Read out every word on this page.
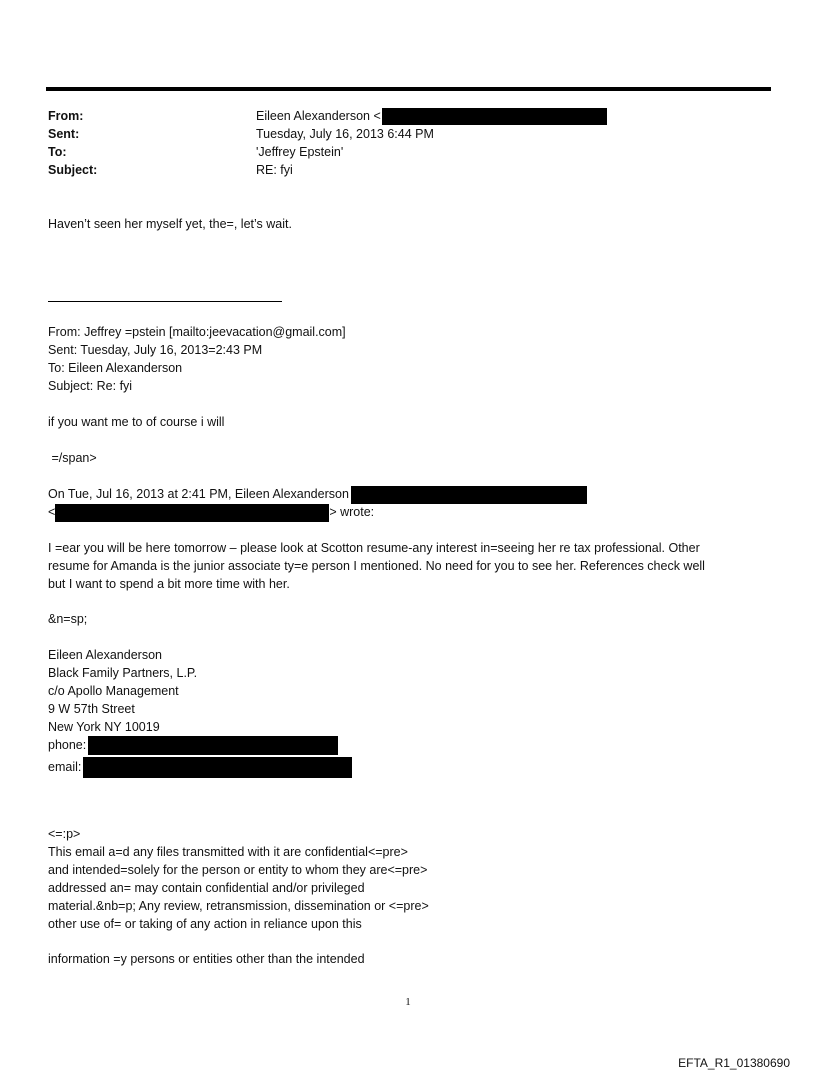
From:	Eileen Alexanderson <
Sent:	Tuesday, July 16, 2013 6:44 PM
To:	'Jeffrey Epstein'
Subject:	RE: fyi
Haven’t seen her myself yet, the=, let’s wait.
From: Jeffrey =pstein [mailto:jeevacation@gmail.com]
Sent: Tuesday, July 16, 2013=2:43 PM
To: Eileen Alexanderson
Subject: Re: fyi
if you want me to of course i will
=/span>
On Tue, Jul 16, 2013 at 2:41 PM, Eileen Alexanderson
<	> wrote:
I =ear you will be here tomorrow – please look at Scotton resume-any interest in=seeing her re tax professional. Other
resume for Amanda is the junior associate ty=e person I mentioned. No need for you to see her. References check well
but I want to spend a bit more time with her.
&n=sp;
Eileen Alexanderson
Black Family Partners, L.P.
c/o Apollo Management
9 W 57th Street
New York NY 10019
phone:
email:
<=:p>
This email a=d any files transmitted with it are confidential<=pre>
and intended=solely for the person or entity to whom they are<=pre>
addressed an= may contain confidential and/or privileged
material.&nb=p; Any review, retransmission, dissemination or <=pre>
other use of= or taking of any action in reliance upon this
information =y persons or entities other than the intended
1
EFTA_R1_01380690
